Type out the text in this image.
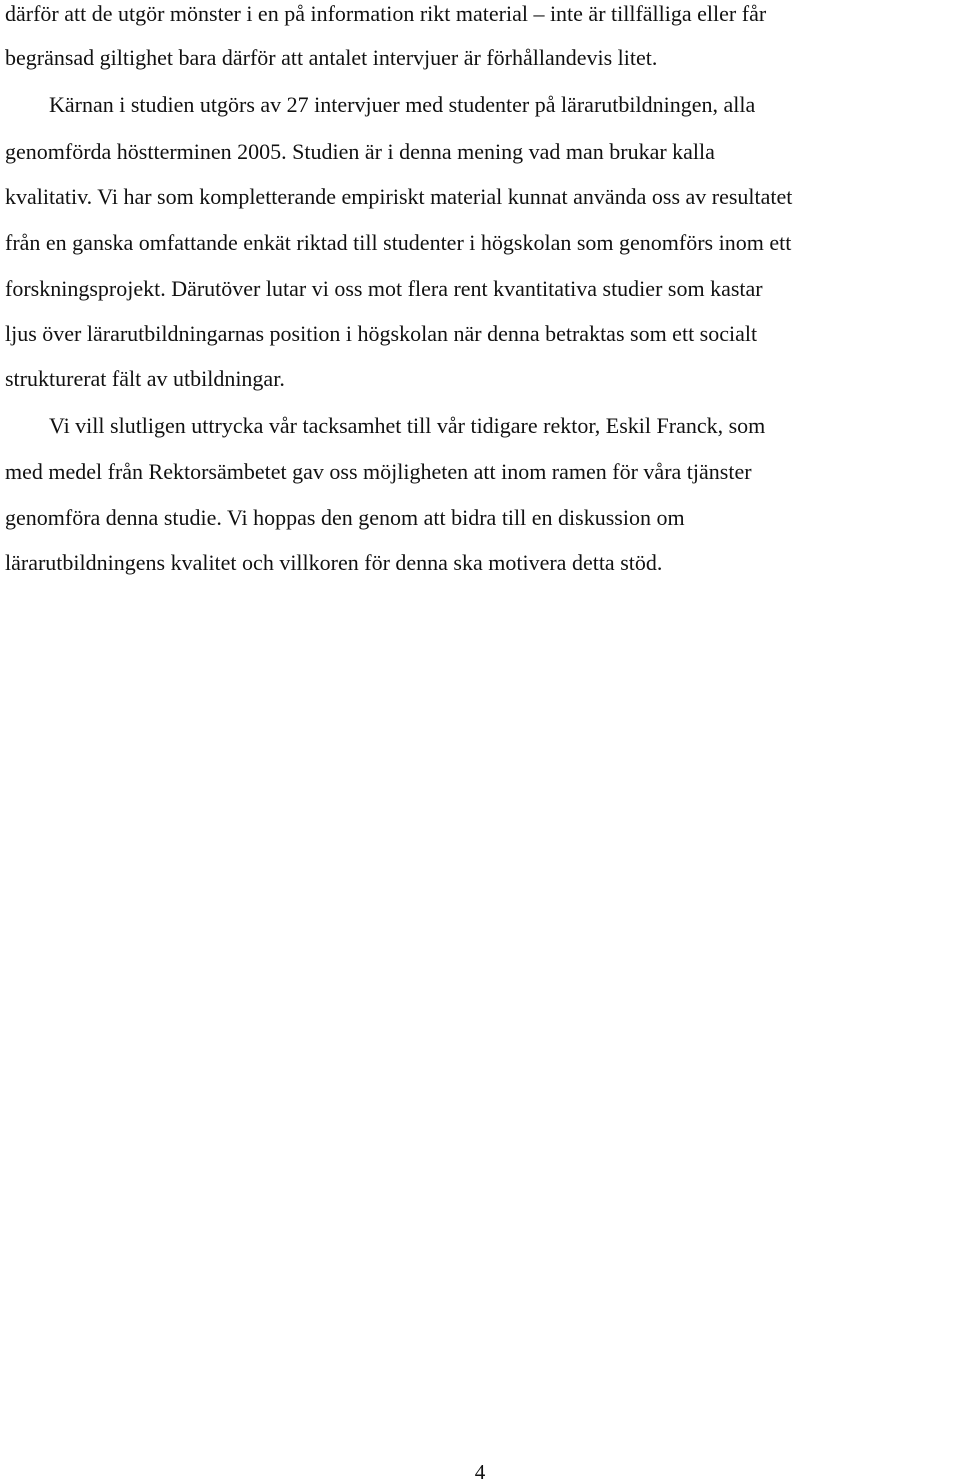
därför att de utgör mönster i en på information rikt material – inte är tillfälliga eller får
begränsad giltighet bara därför att antalet intervjuer är förhållandevis litet.
Kärnan i studien utgörs av 27 intervjuer med studenter på lärarutbildningen, alla
genomförda höstterminen 2005. Studien är i denna mening vad man brukar kalla
kvalitativ. Vi har som kompletterande empiriskt material kunnat använda oss av resultatet
från en ganska omfattande enkät riktad till studenter i högskolan som genomförs inom ett
forskningsprojekt. Därutöver lutar vi oss mot flera rent kvantitativa studier som kastar
ljus över lärarutbildningarnas position i högskolan när denna betraktas som ett socialt
strukturerat fält av utbildningar.
Vi vill slutligen uttrycka vår tacksamhet till vår tidigare rektor, Eskil Franck, som
med medel från Rektorsämbetet gav oss möjligheten att inom ramen för våra tjänster
genomföra denna studie. Vi hoppas den genom att bidra till en diskussion om
lärarutbildningens kvalitet och villkoren för denna ska motivera detta stöd.
4
